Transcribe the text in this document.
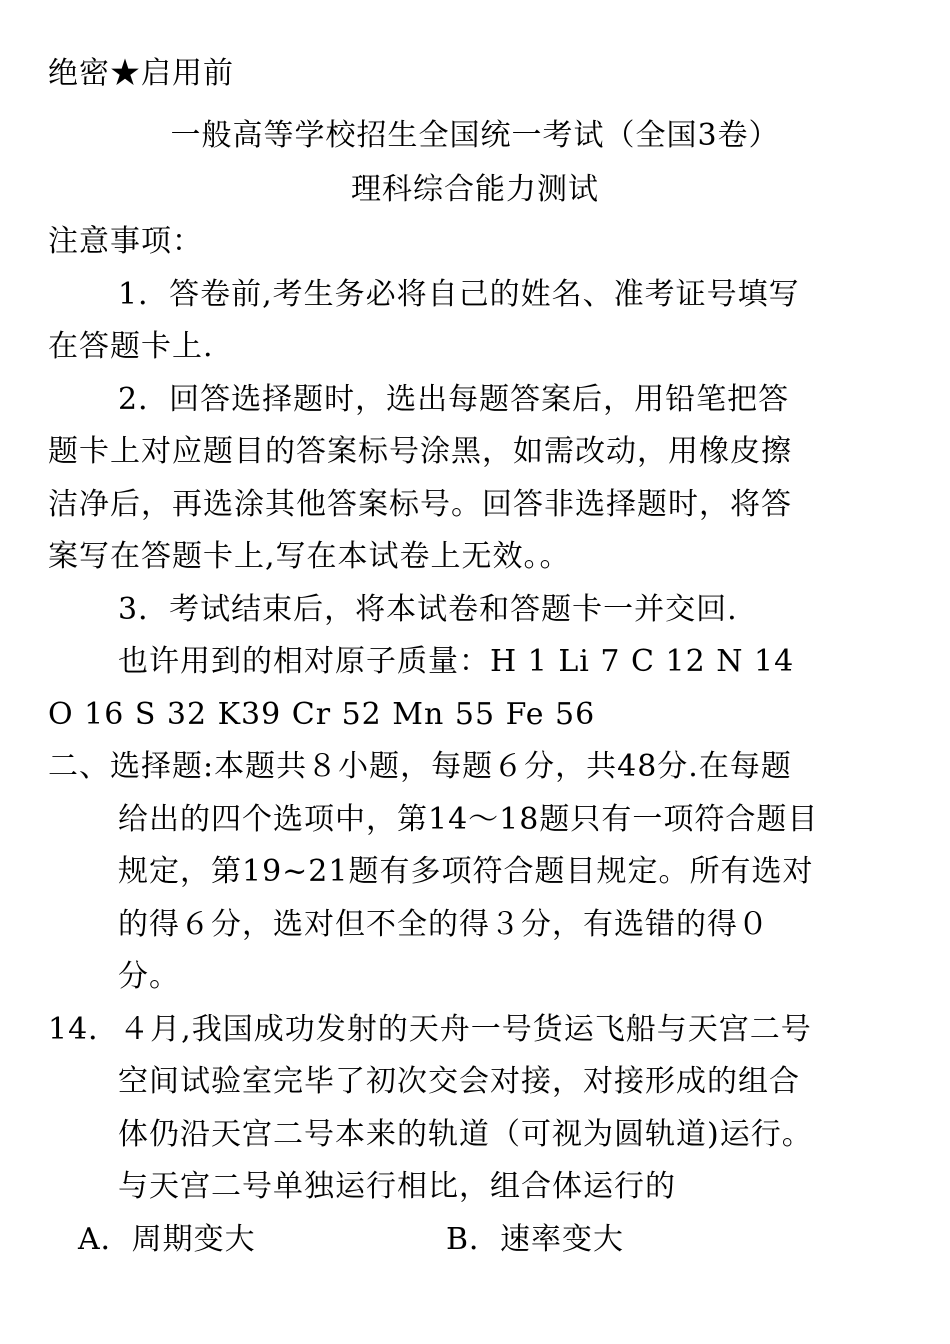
绝密★启用前
一般高等学校招生全国统一考试（全国3卷）
理科综合能力测试
注意事项：
1．答卷前,考生务必将自己的姓名、准考证号填写
在答题卡上.
2．回答选择题时，选出每题答案后，用铅笔把答
题卡上对应题目的答案标号涂黑，如需改动，用橡皮擦
洁净后，再选涂其他答案标号。回答非选择题时，将答
案写在答题卡上,写在本试卷上无效。。
3．考试结束后，将本试卷和答题卡一并交回.
也许用到的相对原子质量：H 1 Li 7 C 12 N 14
O 16 S 32 K39 Cr 52 Mn 55 Fe 56
二、选择题:本题共８小题，每题６分，共48分.在每题
给出的四个选项中，第14～18题只有一项符合题目
规定，第19~21题有多项符合题目规定。所有选对
的得６分，选对但不全的得３分，有选错的得０
分。
14．４月,我国成功发射的天舟一号货运飞船与天宫二号
空间试验室完毕了初次交会对接，对接形成的组合
体仍沿天宫二号本来的轨道（可视为圆轨道)运行。
与天宫二号单独运行相比，组合体运行的
A．周期变大	B．速率变大
